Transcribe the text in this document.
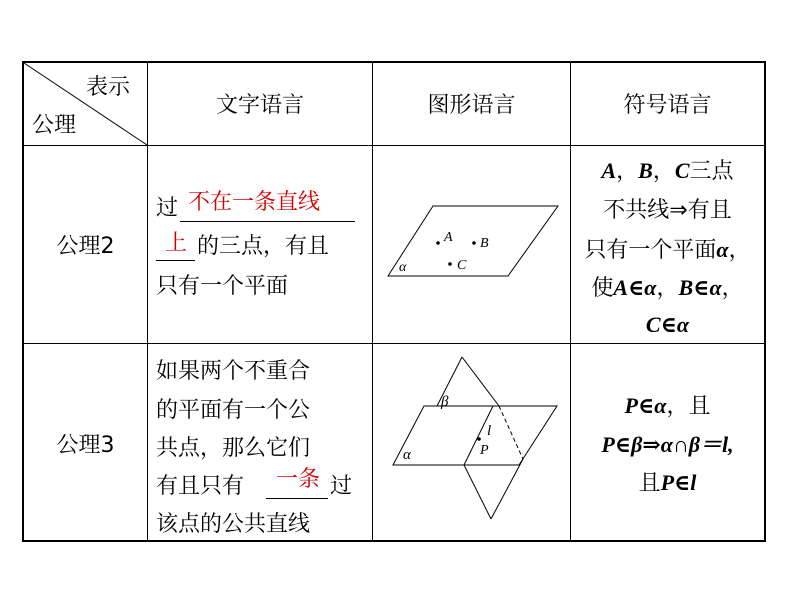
表示
公理
文字语言	图形语言	符号语言
公理2
过 不在一条直线
上 的三点，有且
只有一个平面
A B
C
α
A，B，C三点
不共线⇒有且
只有一个平面α，
使A∈α，B∈α，
C∈α
公理3
如果两个不重合
的平面有一个公
共点，那么它们
有且只有 一条 过
该点的公共直线
β
l
P
α
P∈α，且
P∈β⇒α∩β＝l,
且P∈l
